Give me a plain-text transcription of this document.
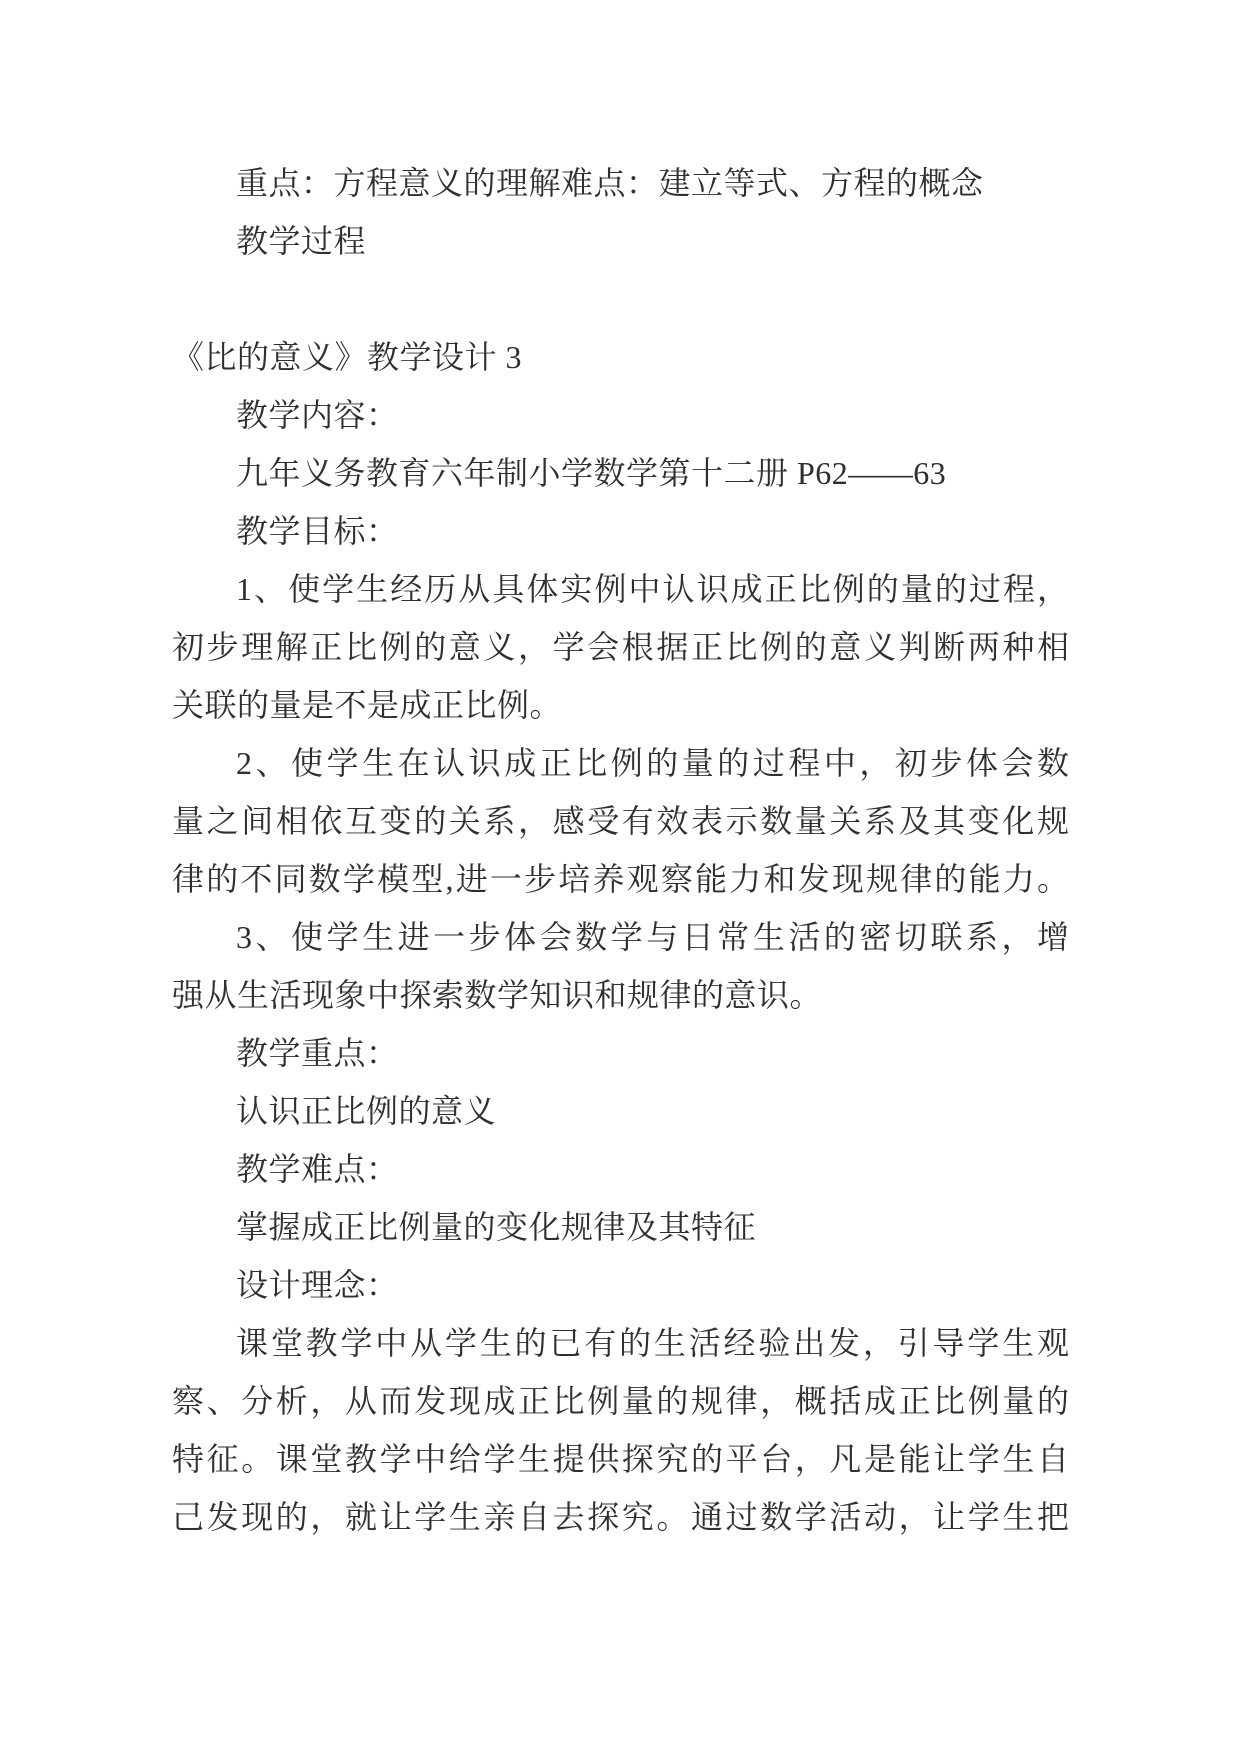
重点：方程意义的理解难点：建立等式、方程的概念
教学过程
《比的意义》教学设计 3
教学内容：
九年义务教育六年制小学数学第十二册 P62——63
教学目标：
1、使学生经历从具体实例中认识成正比例的量的过程，
初步理解正比例的意义，学会根据正比例的意义判断两种相
关联的量是不是成正比例。
2、使学生在认识成正比例的量的过程中，初步体会数
量之间相依互变的关系，感受有效表示数量关系及其变化规
律的不同数学模型,进一步培养观察能力和发现规律的能力。
3、使学生进一步体会数学与日常生活的密切联系，增
强从生活现象中探索数学知识和规律的意识。
教学重点：
认识正比例的意义
教学难点：
掌握成正比例量的变化规律及其特征
设计理念：
课堂教学中从学生的已有的生活经验出发，引导学生观
察、分析，从而发现成正比例量的规律，概括成正比例量的
特征。课堂教学中给学生提供探究的平台，凡是能让学生自
己发现的，就让学生亲自去探究。通过数学活动，让学生把
